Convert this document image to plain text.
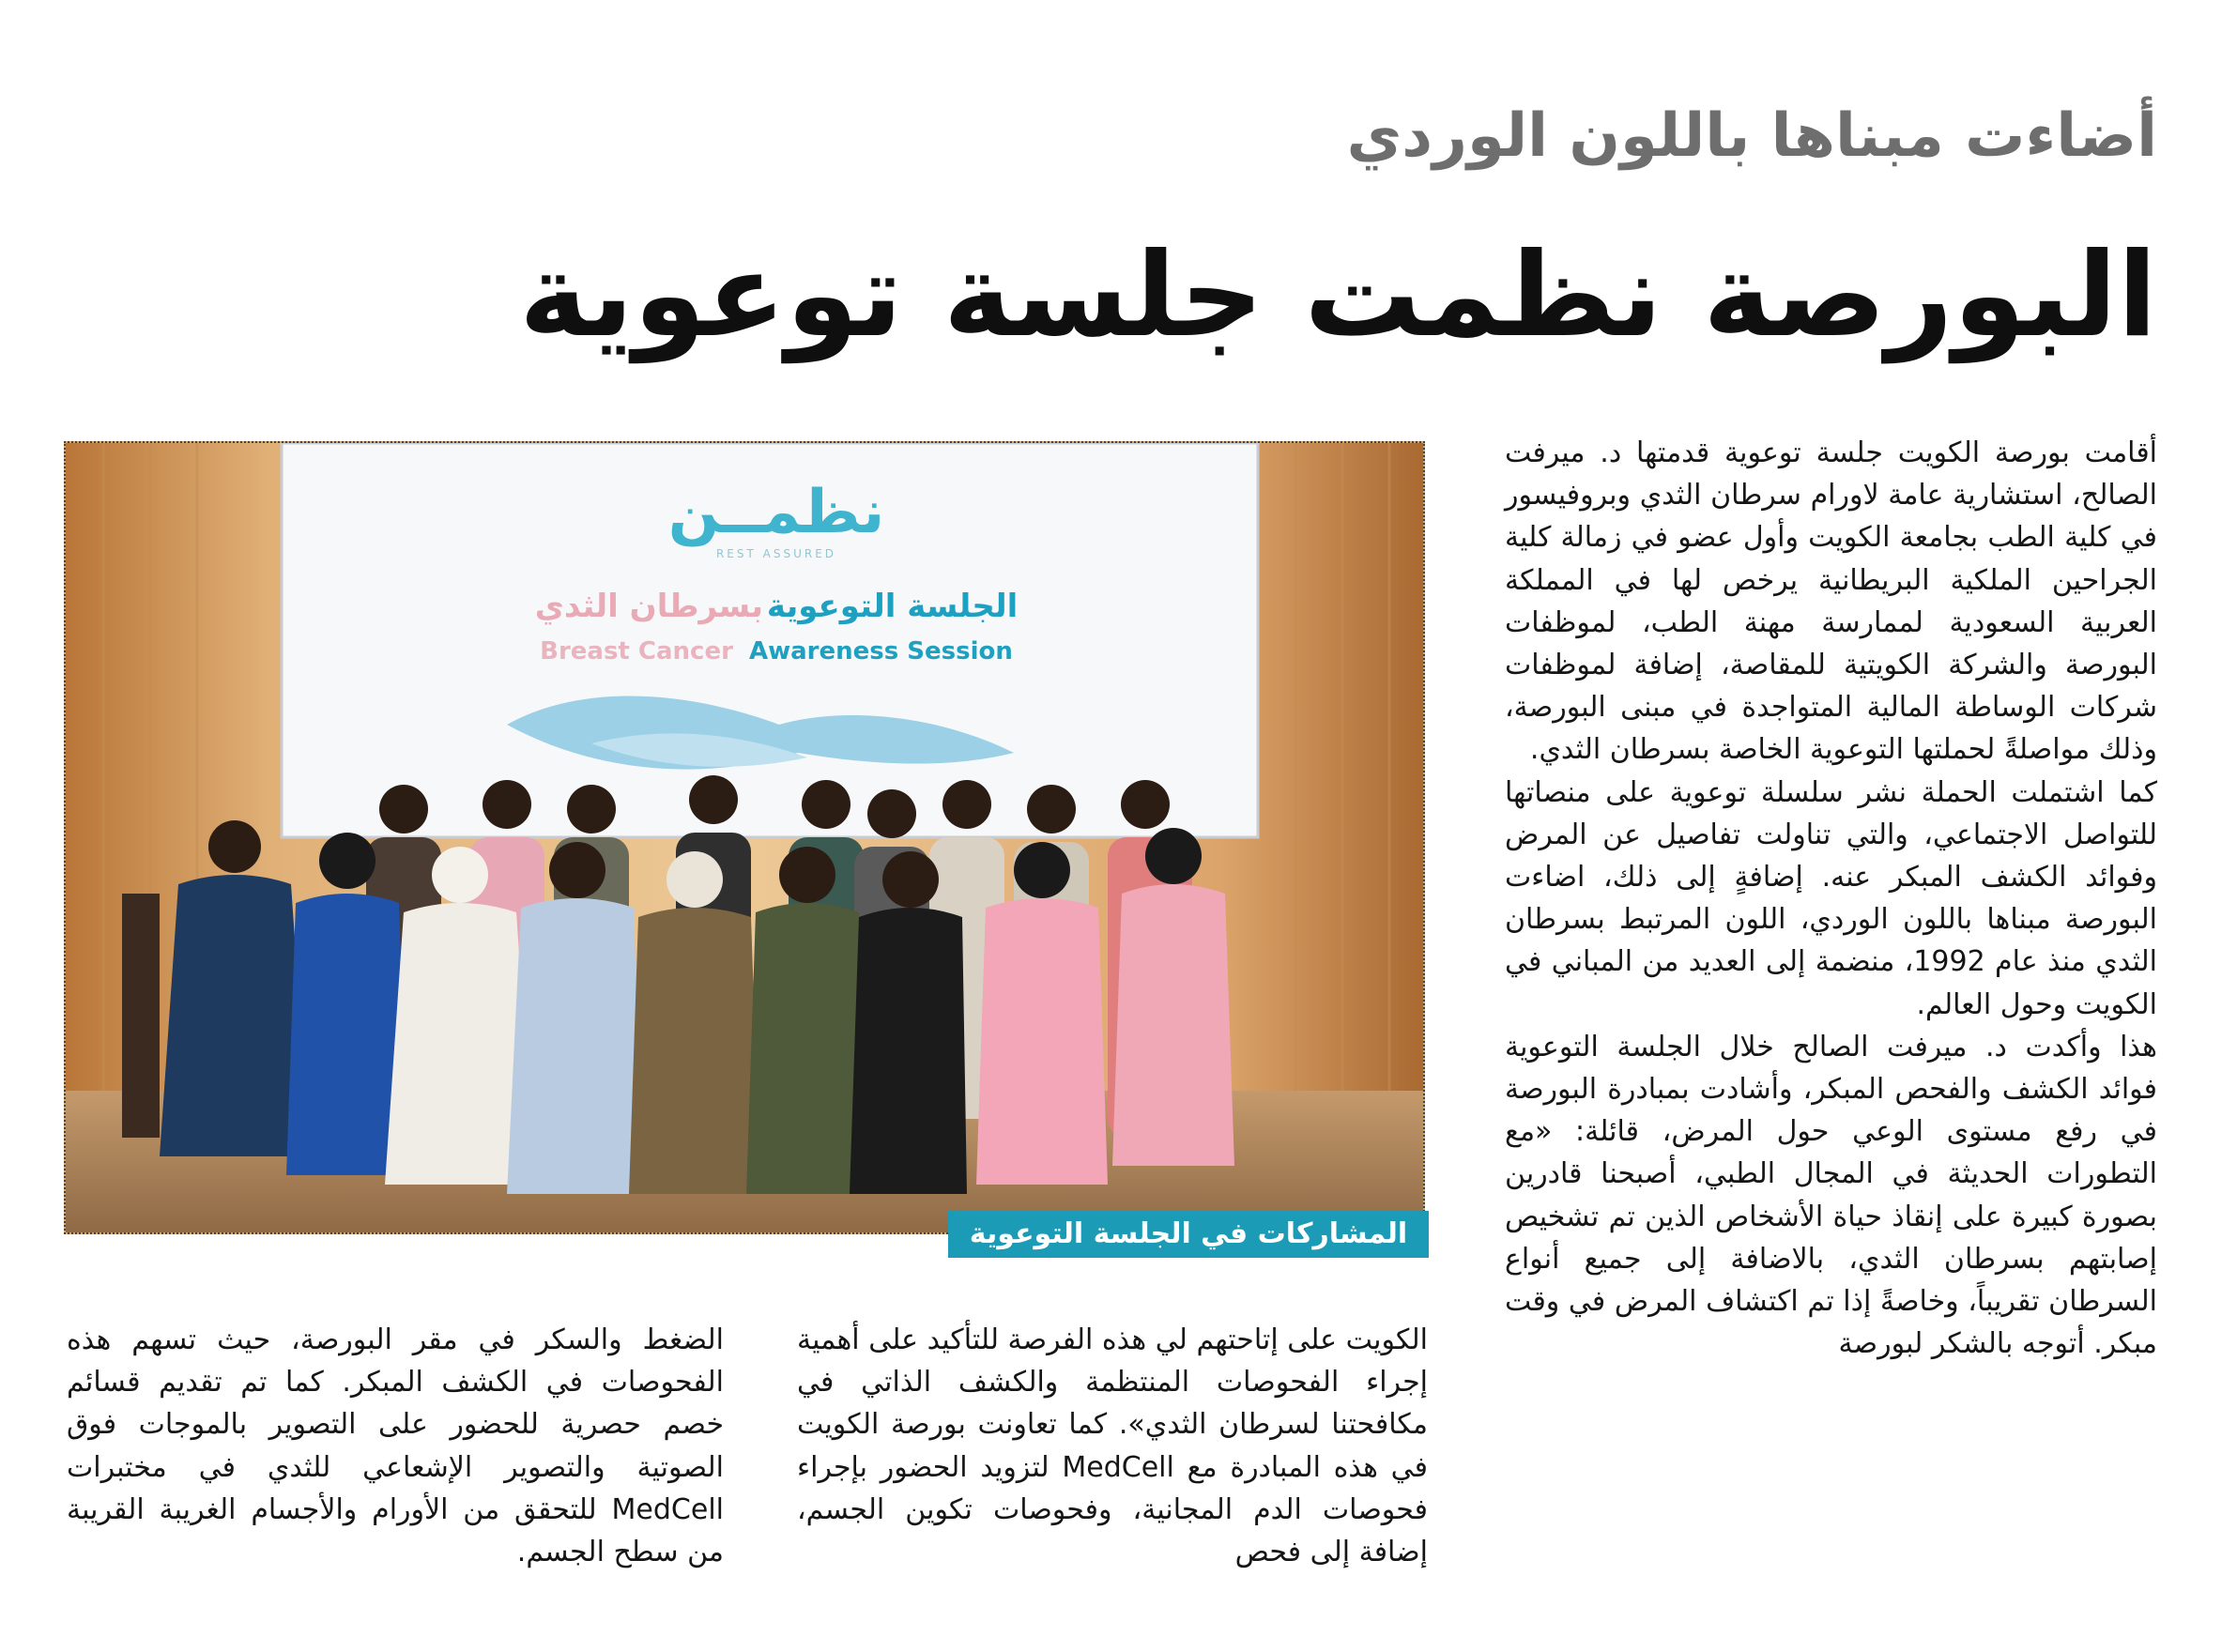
أضاءت مبناها باللون الوردي
البورصة نظمت جلسة توعوية
نظمــن
REST ASSURED
الجلسة التوعوية بسرطان الثدي
Breast Cancer Awareness Session
المشاركات في الجلسة التوعوية بالبورصة

أقامت بورصة الكويت جلسة توعوية قدمتها د. ميرفت الصالح، استشارية عامة لاورام سرطان الثدي وبروفيسور في كلية الطب بجامعة الكويت وأول عضو في زمالة كلية الجراحين الملكية البريطانية يرخص لها في المملكة العربية السعودية لممارسة مهنة الطب، لموظفات البورصة والشركة الكويتية للمقاصة، إضافة لموظفات شركات الوساطة المالية المتواجدة في مبنى البورصة، وذلك مواصلةً لحملتها التوعوية الخاصة بسرطان الثدي.

كما اشتملت الحملة نشر سلسلة توعوية على منصاتها للتواصل الاجتماعي، والتي تناولت تفاصيل عن المرض وفوائد الكشف المبكر عنه. إضافةٍ إلى ذلك، اضاءت البورصة مبناها باللون الوردي، اللون المرتبط بسرطان الثدي منذ عام 1992، منضمة إلى العديد من المباني في الكويت وحول العالم.

هذا وأكدت د. ميرفت الصالح خلال الجلسة التوعوية فوائد الكشف والفحص المبكر، وأشادت بمبادرة البورصة في رفع مستوى الوعي حول المرض، قائلة: «مع التطورات الحديثة في المجال الطبي، أصبحنا قادرين بصورة كبيرة على إنقاذ حياة الأشخاص الذين تم تشخيص إصابتهم بسرطان الثدي، بالاضافة إلى جميع أنواع السرطان تقريباً، وخاصةً إذا تم اكتشاف المرض في وقت مبكر. أتوجه بالشكر لبورصة

الكويت على إتاحتهم لي هذه الفرصة للتأكيد على أهمية إجراء الفحوصات المنتظمة والكشف الذاتي في مكافحتنا لسرطان الثدي». كما تعاونت بورصة الكويت في هذه المبادرة مع MedCell لتزويد الحضور بإجراء فحوصات الدم المجانية، وفحوصات تكوين الجسم، إضافة إلى فحص

الضغط والسكر في مقر البورصة، حيث تسهم هذه الفحوصات في الكشف المبكر. كما تم تقديم قسائم خصم حصرية للحضور على التصوير بالموجات فوق الصوتية والتصوير الإشعاعي للثدي في مختبرات MedCell للتحقق من الأورام والأجسام الغريبة القريبة من سطح الجسم.
